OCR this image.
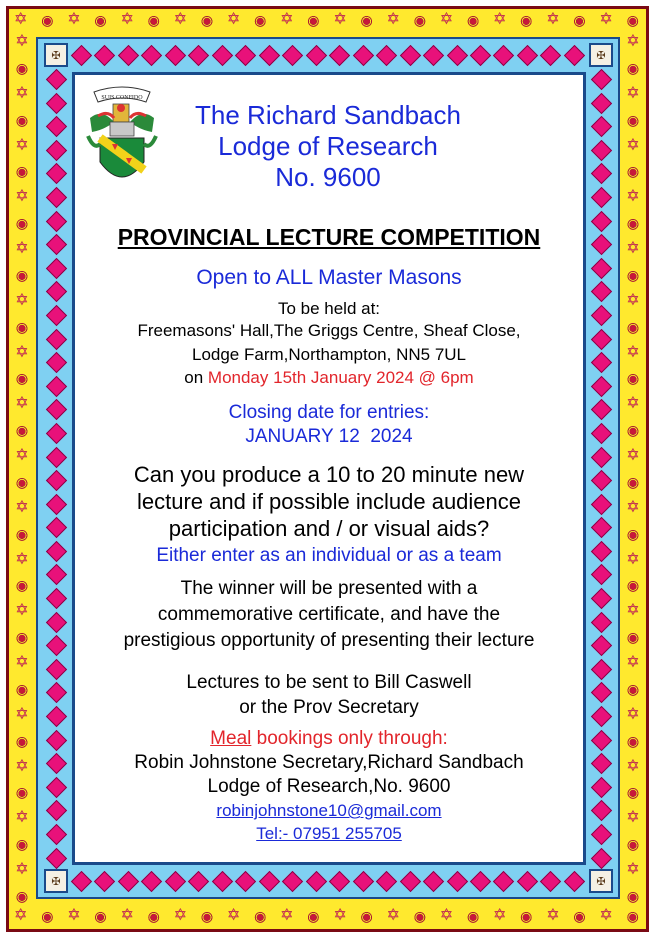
✡ ◉ ✡ ◉ ✡ ◉ ✡ ◉ ✡ ◉ ✡ ◉ ✡ ◉ ✡ ◉ ✡ ◉ ✡ ◉ ✡ ◉ ✡ ◉
✡ ◉ ✡ ◉ ✡ ◉ ✡ ◉ ✡ ◉ ✡ ◉ ✡ ◉ ✡ ◉ ✡ ◉ ✡ ◉ ✡ ◉ ✡ ◉
✡
◉
✡
◉
✡
◉
✡
◉
✡
◉
✡
◉
✡
◉
✡
◉
✡
◉
✡
◉
✡
◉
✡
◉
✡
◉
✡
◉
✡
◉
✡
◉
✡
◉
✡
◉
✡
◉
✡
◉
✡
◉
✡
◉
✡
◉
✡
◉
✡
◉
✡
◉
✡
◉
✡
◉
✡
◉
✡
◉
✡
◉
✡
◉
✡
◉
✡
◉
✠	✠
✠	✠
SUIS CONFIDO
The Richard Sandbach
Lodge of Research
No. 9600
PROVINCIAL LECTURE COMPETITION
Open to ALL Master Masons
To be held at:
Freemasons' Hall,The Griggs Centre, Sheaf Close,
Lodge Farm,Northampton, NN5 7UL
on Monday 15th January 2024 @ 6pm
Closing date for entries:
JANUARY 12  2024
Can you produce a 10 to 20 minute new
lecture and if possible include audience
participation and / or visual aids?
Either enter as an individual or as a team
The winner will be presented with a
commemorative certificate, and have the
prestigious opportunity of presenting their lecture
Lectures to be sent to Bill Caswell
or the Prov Secretary
Meal bookings only through:
Robin Johnstone Secretary,Richard Sandbach
Lodge of Research,No. 9600
robinjohnstone10@gmail.com
Tel:- 07951 255705
